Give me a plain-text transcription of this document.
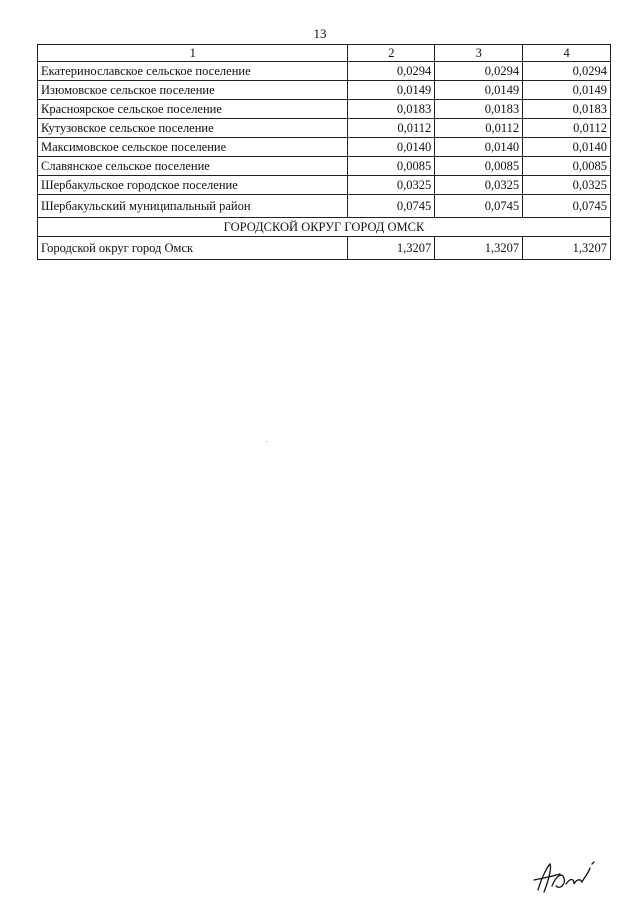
13
1	2	3	4
Екатеринославское сельское поселение	0,0294	0,0294	0,0294
Изюмовское сельское поселение	0,0149	0,0149	0,0149
Красноярское сельское поселение	0,0183	0,0183	0,0183
Кутузовское сельское поселение	0,0112	0,0112	0,0112
Максимовское сельское поселение	0,0140	0,0140	0,0140
Славянское сельское поселение	0,0085	0,0085	0,0085
Шербакульское городское поселение	0,0325	0,0325	0,0325
Шербакульский муниципальный район	0,0745	0,0745	0,0745
ГОРОДСКОЙ ОКРУГ ГОРОД ОМСК			
Городской округ город Омск	1,3207	1,3207	1,3207
